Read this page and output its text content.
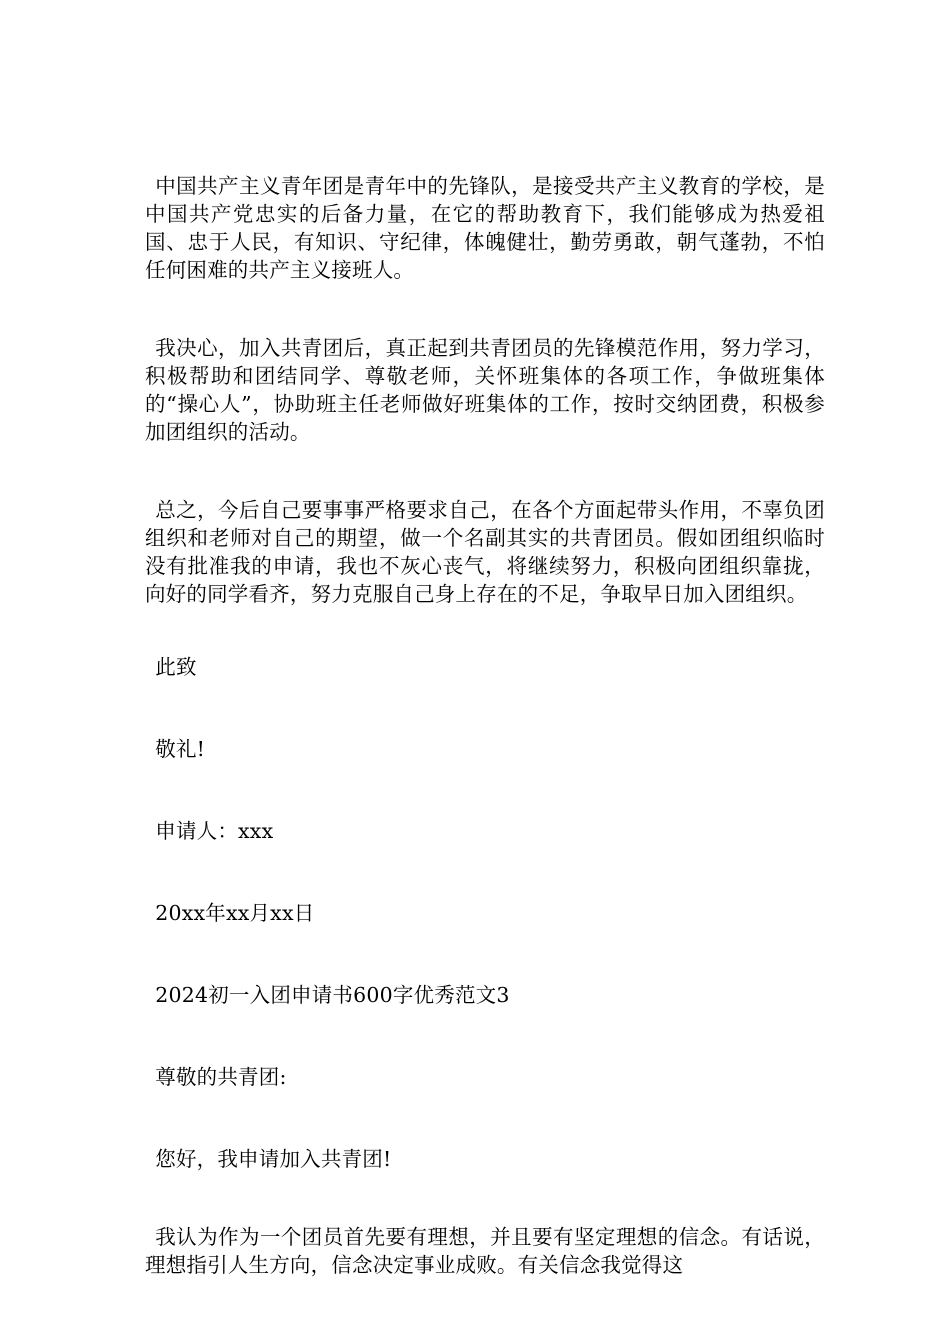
中国共产主义青年团是青年中的先锋队，是接受共产主义教育的学校，是中国共产党忠实的后备力量，在它的帮助教育下，我们能够成为热爱祖国、忠于人民，有知识、守纪律，体魄健壮，勤劳勇敢，朝气蓬勃，不怕任何困难的共产主义接班人。

我决心，加入共青团后，真正起到共青团员的先锋模范作用，努力学习，积极帮助和团结同学、尊敬老师，关怀班集体的各项工作，争做班集体的“操心人”，协助班主任老师做好班集体的工作，按时交纳团费，积极参加团组织的活动。

总之，今后自己要事事严格要求自己，在各个方面起带头作用，不辜负团组织和老师对自己的期望，做一个名副其实的共青团员。假如团组织临时没有批准我的申请，我也不灰心丧气，将继续努力，积极向团组织靠拢，向好的同学看齐，努力克服自己身上存在的不足，争取早日加入团组织。

此致

敬礼!

申请人：xxx

20xx年xx月xx日

2024初一入团申请书600字优秀范文3

尊敬的共青团:

您好，我申请加入共青团!

我认为作为一个团员首先要有理想，并且要有坚定理想的信念。有话说，理想指引人生方向，信念决定事业成败。有关信念我觉得这
